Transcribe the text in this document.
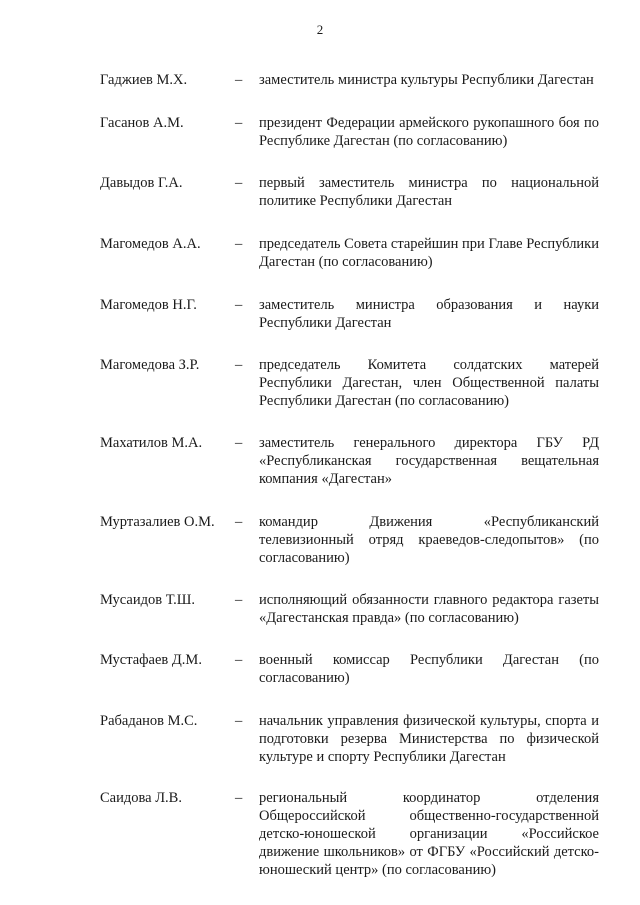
2
Гаджиев М.Х.	– заместитель министра культуры Республики Дагестан
Гасанов А.М.	– президент Федерации армейского рукопашного боя по Республике Дагестан (по согласованию)
Давыдов Г.А.	– первый заместитель министра по национальной политике Республики Дагестан
Магомедов А.А. – председатель Совета старейшин при Главе Республики Дагестан (по согласованию)
Магомедов Н.Г.	– заместитель министра образования и науки Республики Дагестан
Магомедова З.Р. – председатель Комитета солдатских матерей Республики Дагестан, член Общественной палаты Республики Дагестан (по согласованию)
Махатилов М.А. – заместитель генерального директора ГБУ РД «Республиканская государственная вещательная компания «Дагестан»
Муртазалиев О.М. – командир Движения «Республиканский телевизионный отряд краеведов-следопытов» (по согласованию)
Мусаидов Т.Ш.	– исполняющий обязанности главного редактора газеты «Дагестанская правда» (по согласованию)
Мустафаев Д.М. – военный комиссар Республики Дагестан (по согласованию)
Рабаданов М.С.	– начальник управления физической культуры, спорта и подготовки резерва Министерства по физической культуре и спорту Республики Дагестан
Саидова Л.В.	– региональный координатор отделения Общероссийской общественно-государственной детско-юношеской организации «Российское движение школьников» от ФГБУ «Российский детско-юношеский центр» (по согласованию)
